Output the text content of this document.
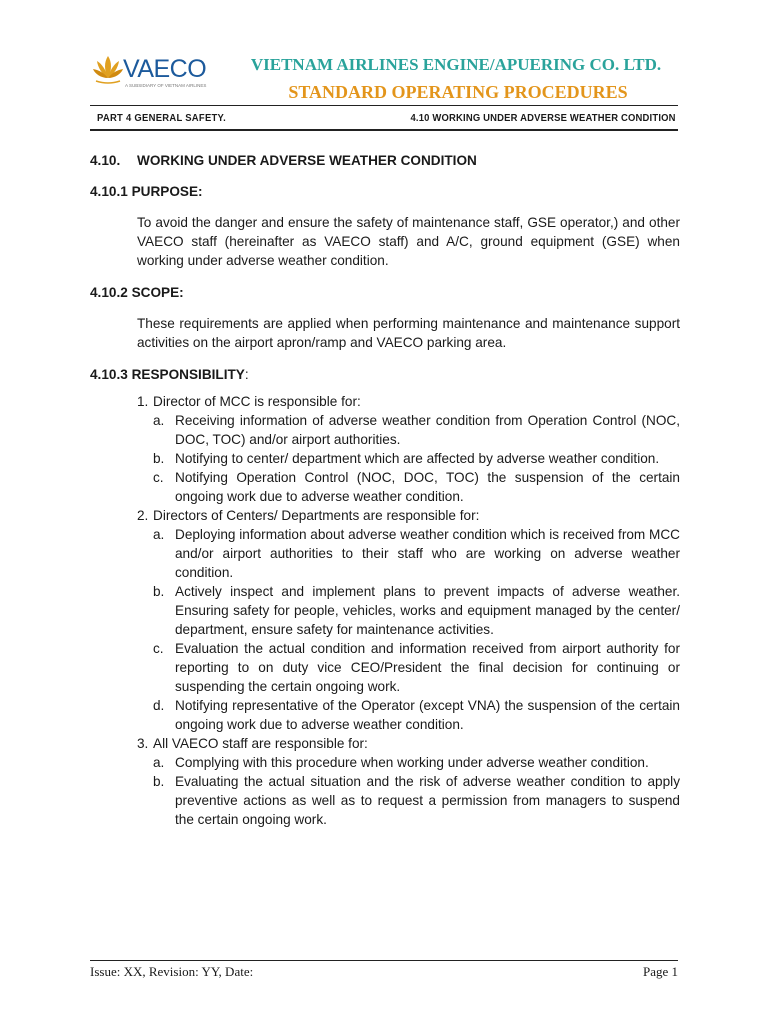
VAECO
A SUBSIDIARY OF VIETNAM AIRLINES
VIETNAM AIRLINES ENGINE/APUERING CO. LTD.
STANDARD OPERATING PROCEDURES
PART 4 GENERAL SAFETY.	4.10 WORKING UNDER ADVERSE WEATHER CONDITION
4.10. WORKING UNDER ADVERSE WEATHER CONDITION
4.10.1 PURPOSE:

To avoid the danger and ensure the safety of maintenance staff, GSE operator,) and other VAECO staff (hereinafter as VAECO staff) and A/C, ground equipment (GSE) when working under adverse weather condition.

4.10.2 SCOPE:

These requirements are applied when performing maintenance and maintenance support activities on the airport apron/ramp and VAECO parking area.

4.10.3 RESPONSIBILITY:
1. Director of MCC is responsible for:
a. Receiving information of adverse weather condition from Operation Control (NOC, DOC, TOC) and/or airport authorities.
b. Notifying to center/ department which are affected by adverse weather condition.
c. Notifying Operation Control (NOC, DOC, TOC) the suspension of the certain ongoing work due to adverse weather condition.
2. Directors of Centers/ Departments are responsible for:
a. Deploying information about adverse weather condition which is received from MCC and/or airport authorities to their staff who are working on adverse weather condition.
b. Actively inspect and implement plans to prevent impacts of adverse weather. Ensuring safety for people, vehicles, works and equipment managed by the center/ department, ensure safety for maintenance activities.
c. Evaluation the actual condition and information received from airport authority for reporting to on duty vice CEO/President the final decision for continuing or suspending the certain ongoing work.
d. Notifying representative of the Operator (except VNA) the suspension of the certain ongoing work due to adverse weather condition.
3. All VAECO staff are responsible for:
a. Complying with this procedure when working under adverse weather condition.
b. Evaluating the actual situation and the risk of adverse weather condition to apply preventive actions as well as to request a permission from managers to suspend the certain ongoing work.
Issue: XX, Revision: YY, Date:	Page 1
